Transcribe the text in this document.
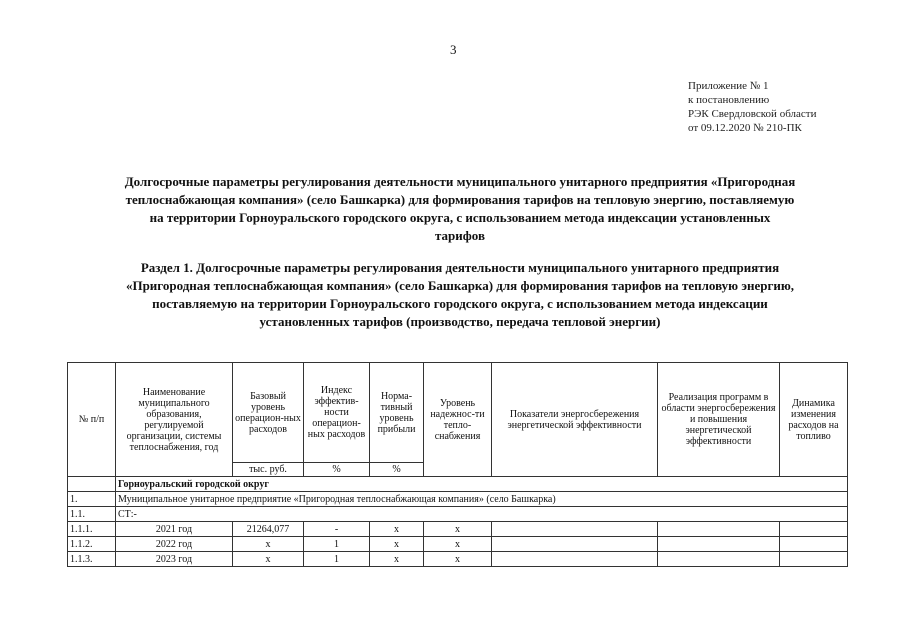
3
Приложение № 1
к постановлению
РЭК Свердловской области
от 09.12.2020 № 210-ПК
Долгосрочные параметры регулирования деятельности муниципального унитарного предприятия «Пригородная
теплоснабжающая компания» (село Башкарка) для формирования тарифов на тепловую энергию, поставляемую
на территории Горноуральского городского округа, с использованием метода индексации установленных
тарифов
Раздел 1. Долгосрочные параметры регулирования деятельности муниципального унитарного предприятия
«Пригородная теплоснабжающая компания» (село Башкарка) для формирования тарифов на тепловую энергию,
поставляемую на территории Горноуральского городского округа, с использованием метода индексации
установленных тарифов (производство, передача тепловой энергии)
№ п/п	Наименование муниципального образования, регулируемой организации, системы теплоснабжения, год	Базовый уровень операцион-ных расходов	Индекс эффектив-ности операцион-ных расходов	Норма-тивный уровень прибыли	Уровень надежнос-ти тепло-снабжения	Показатели энергосбережения энергетической эффективности	Реализация программ в области энергосбережения и повышения энергетической эффективности	Динамика изменения расходов на топливо
		тыс. руб.	%	%				
	Горноуральский городской округ							
1.	Муниципальное унитарное предприятие «Пригородная теплоснабжающая компания» (село Башкарка)							
1.1.	СТ:-							
1.1.1.	2021 год	21264,077	-	x	x			
1.1.2.	2022 год	x	1	x	x			
1.1.3.	2023 год	x	1	x	x			
